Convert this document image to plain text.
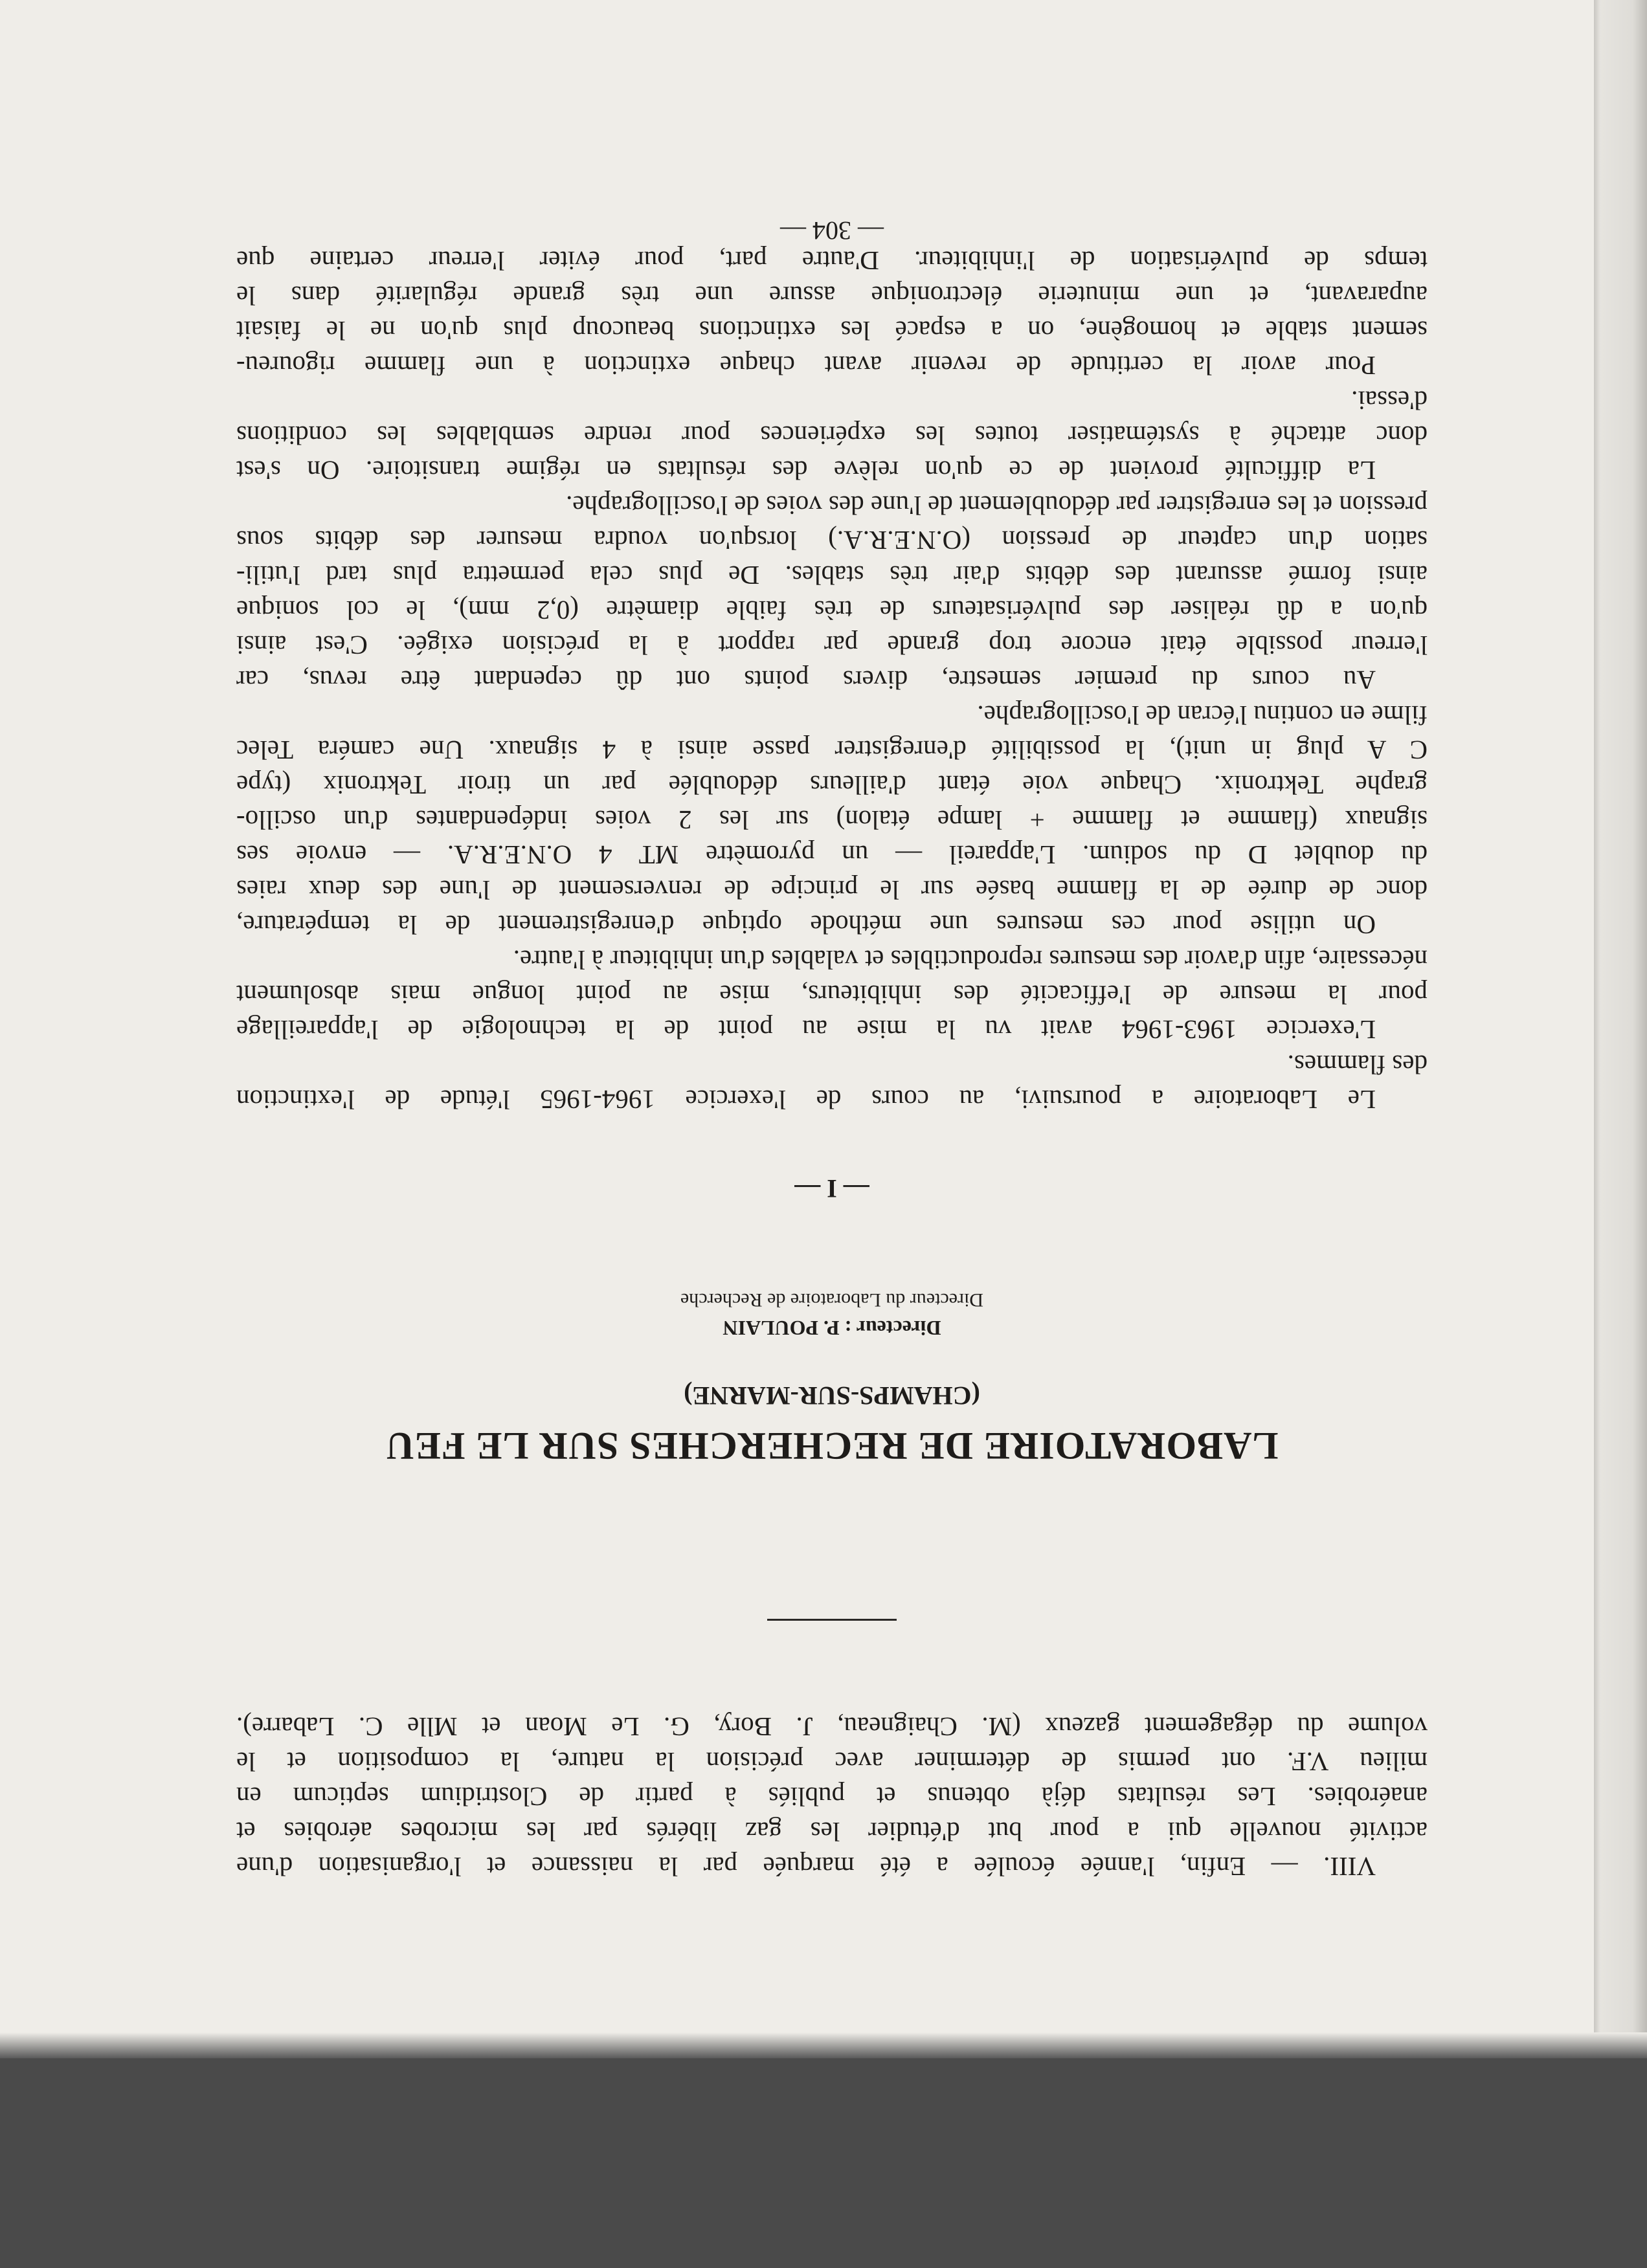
VIII. — Enfin, l'année écoulée a été marquée par la naissance et l'organisation d'une
activité nouvelle qui a pour but d'étudier les gaz libérés par les microbes aérobies et
anaérobies. Les résultats déjà obtenus et publiés à partir de Clostridium septicum en
milieu V.F. ont permis de déterminer avec précision la nature, la composition et le
volume du dégagement gazeux (M. Chaigneau, J. Bory, G. Le Moan et Mlle C. Labarre).
LABORATOIRE DE RECHERCHES SUR LE FEU
(CHAMPS-SUR-MARNE)
Directeur : P. POULAIN
Directeur du Laboratoire de Recherche
— I —
Le Laboratoire a poursuivi, au cours de l'exercice 1964-1965 l'étude de l'extinction
des flammes.
L'exercice 1963-1964 avait vu la mise au point de la technologie de l'appareillage
pour la mesure de l'efficacité des inhibiteurs, mise au point longue mais absolument
nécessaire, afin d'avoir des mesures reproductibles et valables d'un inhibiteur à l'autre.
On utilise pour ces mesures une méthode optique d'enregistrement de la température,
donc de durée de la flamme basée sur le principe de renversement de l'une des deux raies
du doublet D du sodium. L'appareil — un pyromètre MT 4 O.N.E.R.A. — envoie ses
signaux (flamme et flamme + lampe étalon) sur les 2 voies indépendantes d'un oscillo-
graphe Tektronix. Chaque voie étant d'ailleurs dédoublée par un tiroir Tektronix (type
C A plug in unit), la possibilité d'enregistrer passe ainsi à 4 signaux. Une caméra Telec
filme en continu l'écran de l'oscillographe.
Au cours du premier semestre, divers points ont dû cependant être revus, car
l'erreur possible était encore trop grande par rapport à la précision exigée. C'est ainsi
qu'on a dû réaliser des pulvérisateurs de très faible diamètre (0,2 mm), le col sonique
ainsi formé assurant des débits d'air très stables. De plus cela permettra plus tard l'utili-
sation d'un capteur de pression (O.N.E.R.A.) lorsqu'on voudra mesurer des débits sous
pression et les enregistrer par dédoublement de l'une des voies de l'oscillographe.
La difficulté provient de ce qu'on relève des résultats en régime transitoire. On s'est
donc attaché à systématiser toutes les expériences pour rendre semblables les conditions
d'essai.
Pour avoir la certitude de revenir avant chaque extinction à une flamme rigoureu-
sement stable et homogène, on a espacé les extinctions beaucoup plus qu'on ne le faisait
auparavant, et une minuterie électronique assure une très grande régularité dans le
temps de pulvérisation de l'inhibiteur. D'autre part, pour éviter l'erreur certaine que
— 304 —
